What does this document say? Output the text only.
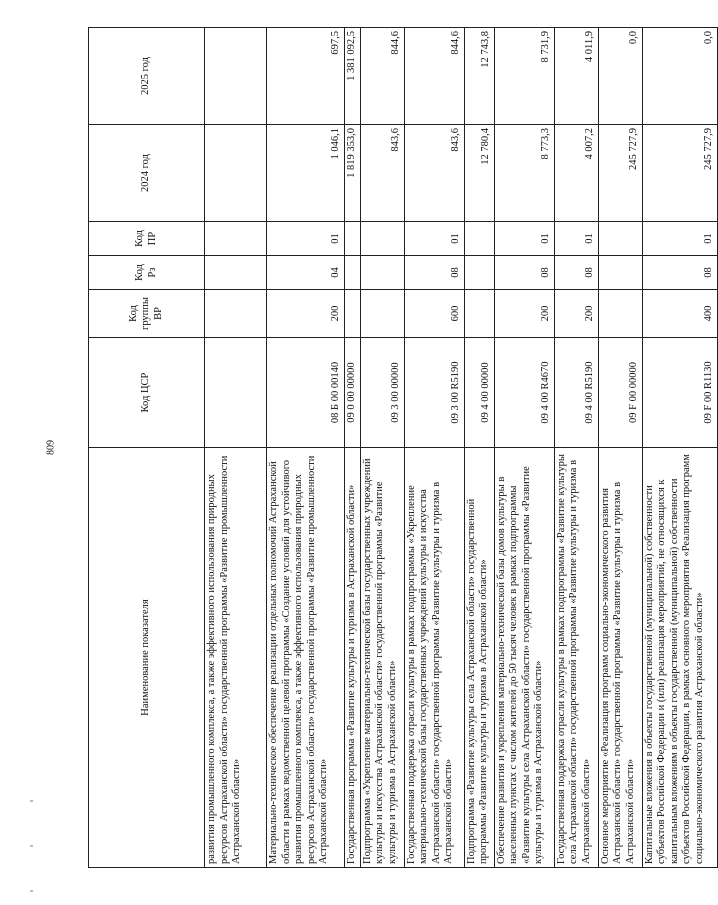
809
Наименование показателя	Код ЦСР	Код группы ВР	Код Рз	Код ПР	2024 год	2025 год
развития промышленного комплекса, а также эффективного использования природных ресурсов Астраханской области» государственной программы «Развитие промышленности Астраханской области»						
Материально-техническое обеспечение реализации отдельных полномочий Астраханской области в рамках ведомственной целевой программы «Создание условий для устойчивого развития промышленного комплекса, а также эффективного использования природных ресурсов Астраханской области» государственной программы «Развитие промышленности Астраханской области»	08 Б 00 00140	200	04	01	1 046,1	697,5
Государственная программа «Развитие культуры и туризма в Астраханской области»	09 0 00 00000				1 819 353,0	1 381 092,5
Подпрограмма «Укрепление материально-технической базы государственных учреждений культуры и искусства Астраханской области» государственной программы «Развитие культуры и туризма в Астраханской области»	09 3 00 00000				843,6	844,6
Государственная поддержка отрасли культуры в рамках подпрограммы «Укрепление материально-технической базы государственных учреждений культуры и искусства Астраханской области» государственной программы «Развитие культуры и туризма в Астраханской области»	09 3 00 R5190	600	08	01	843,6	844,6
Подпрограмма «Развитие культуры села Астраханской области» государственной программы «Развитие культуры и туризма в Астраханской области»	09 4 00 00000				12 780,4	12 743,8
Обеспечение развития и укрепления материально-технической базы домов культуры в населенных пунктах с числом жителей до 50 тысяч человек в рамках подпрограммы «Развитие культуры села Астраханской области» государственной программы «Развитие культуры и туризма в Астраханской области»	09 4 00 R4670	200	08	01	8 773,3	8 731,9
Государственная поддержка отрасли культуры в рамках подпрограммы «Развитие культуры села Астраханской области» государственной программы «Развитие культуры и туризма в Астраханской области»	09 4 00 R5190	200	08	01	4 007,2	4 011,9
Основное мероприятие «Реализация программ социально-экономического развития Астраханской области» государственной программы «Развитие культуры и туризма в Астраханской области»	09 F 00 00000				245 727,9	0,0
Капитальные вложения в объекты государственной (муниципальной) собственности субъектов Российской Федерации и (или) реализация мероприятий, не относящихся к капитальным вложениям в объекты государственной (муниципальной) собственности субъектов Российской Федерации, в рамках основного мероприятия «Реализация программ социально-экономического развития Астраханской области»	09 F 00 R1130	400	08	01	245 727,9	0,0
